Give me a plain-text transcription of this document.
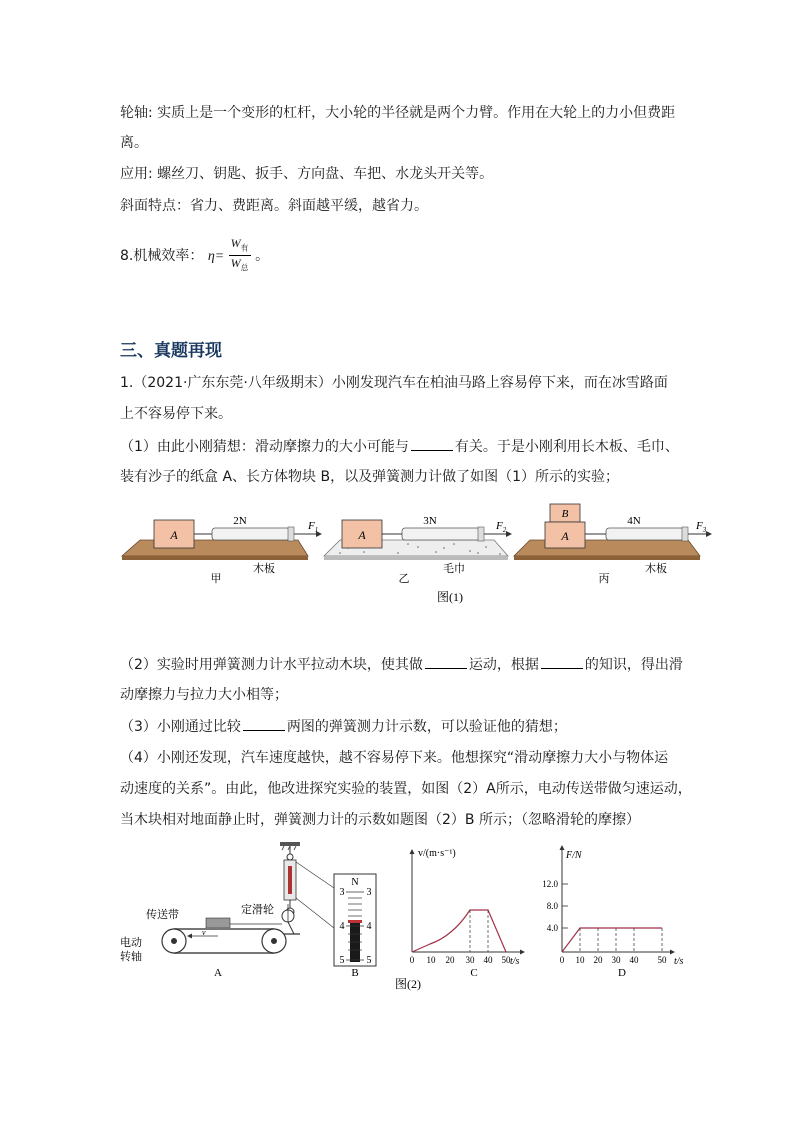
轮轴: 实质上是一个变形的杠杆，大小轮的半径就是两个力臂。作用在大轮上的力小但费距
离。
应用: 螺丝刀、钥匙、扳手、方向盘、车把、水龙头开关等。
斜面特点：省力、费距离。斜面越平缓，越省力。
8.机械效率： $\eta= \frac{W_有}{W_总}$ 。
三、真题再现
1.（2021·广东东莞·八年级期末）小刚发现汽车在柏油马路上容易停下来，而在冰雪路面
上不容易停下来。
（1）由此小刚猜想：滑动摩擦力的大小可能与	有关。于是小刚利用长木板、毛巾、
装有沙子的纸盒 A、长方体物块 B，以及弹簧测力计做了如图（1）所示的实验；
A
2N	$F_1$
木板
甲
A
3N	$F_2$
毛巾
乙
B
A
4N	$F_3$
木板
丙
图(1)
（2）实验时用弹簧测力计水平拉动木块，使其做	运动，根据	的知识，得出滑
动摩擦力与拉力大小相等；
（3）小刚通过比较	两图的弹簧测力计示数，可以验证他的猜想；
（4）小刚还发现，汽车速度越快，越不容易停下来。他想探究“滑动摩擦力大小与物体运
动速度的关系”。由此，他改进探究实验的装置，如图（2）A所示，电动传送带做匀速运动，
当木块相对地面静止时，弹簧测力计的示数如题图（2）B 所示；（忽略滑轮的摩擦）
v
传送带	定滑轮
电动
转轴
A
N
3
4
5
3
4
5
B
v/(m·s⁻¹)
t/s
0 10 20 30 40 50
C
F/N
t/s
12.0
8.0
4.0
0 10 20 30 40 50
D
图(2)
